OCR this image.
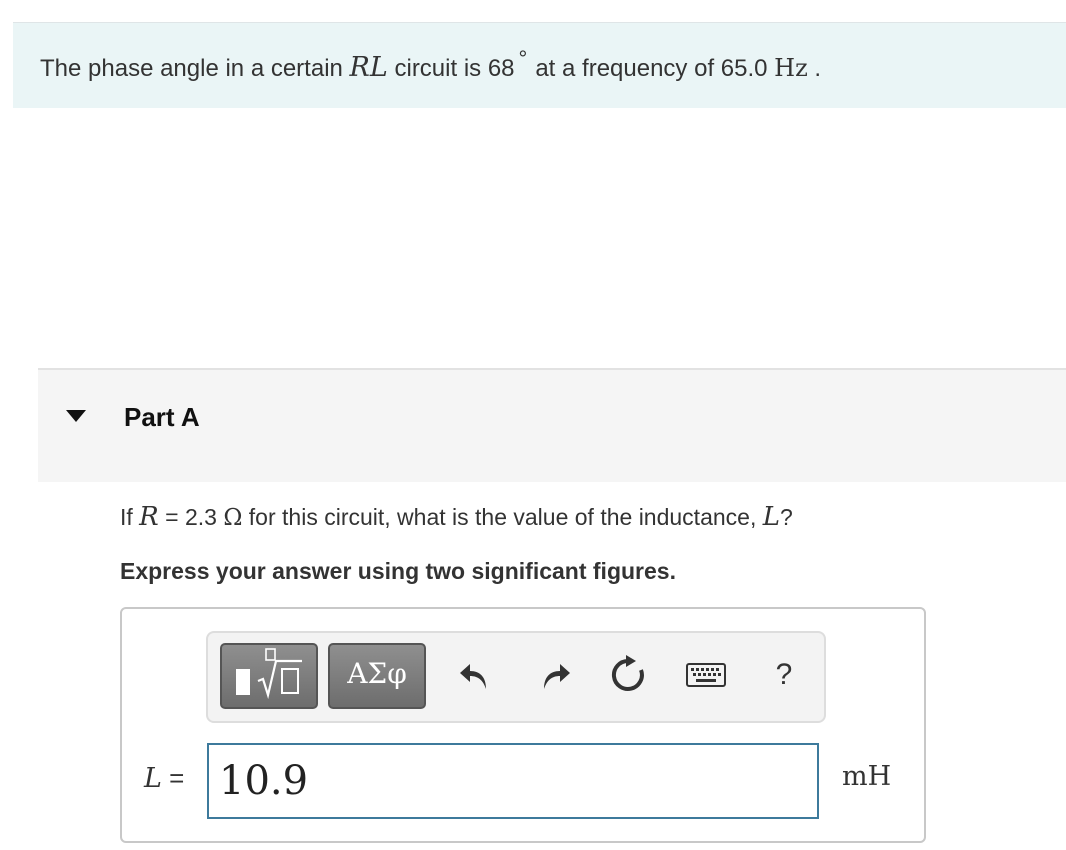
The phase angle in a certain RL circuit is 68 ° at a frequency of 65.0 Hz .
Part A
If R = 2.3 Ω for this circuit, what is the value of the inductance, L?
Express your answer using two significant figures.
ΑΣφ	?
L = 10.9	mH
